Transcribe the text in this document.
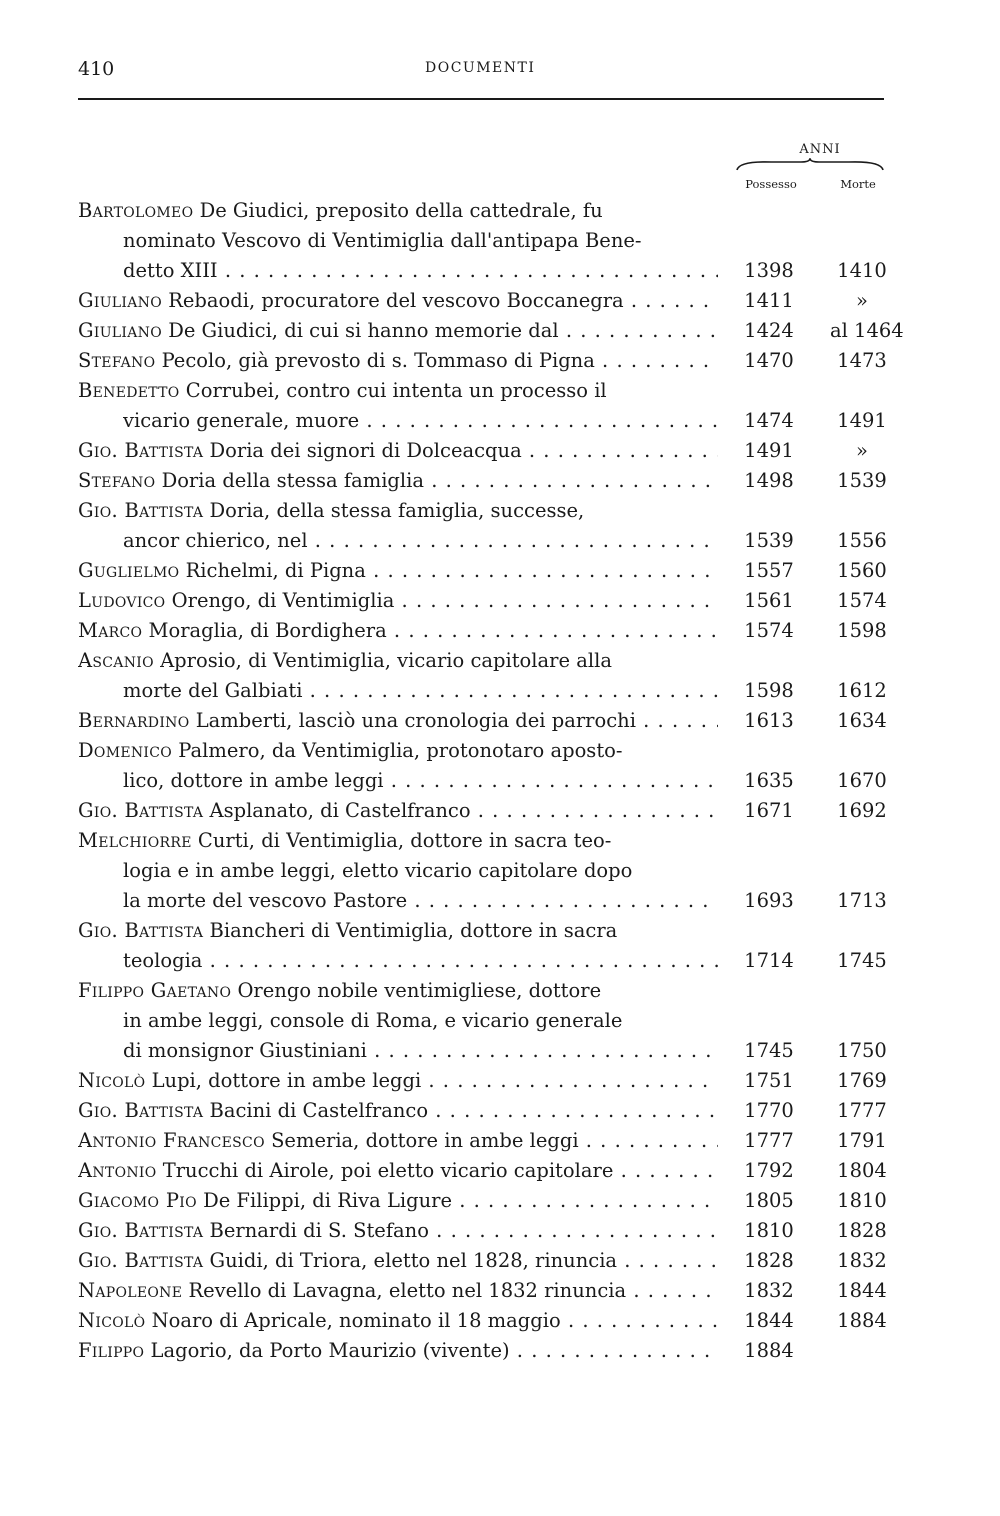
410	DOCUMENTI
ANNI
Possesso	Morte
Bartolomeo De Giudici, preposito della cattedrale, fu
nominato Vescovo di Ventimiglia dall'antipapa Bene-
detto XIII . . .	1398	1410
Giuliano Rebaodi, procuratore del vescovo Boccanegra . . .	1411	»
Giuliano De Giudici, di cui si hanno memorie dal . . .	1424	al 1464
Stefano Pecolo, già prevosto di s. Tommaso di Pigna . . .	1470	1473
Benedetto Corrubei, contro cui intenta un processo il
vicario generale, muore . . .	1474	1491
Gio. Battista Doria dei signori di Dolceacqua . . .	1491	»
Stefano Doria della stessa famiglia . . .	1498	1539
Gio. Battista Doria, della stessa famiglia, successe,
ancor chierico, nel . . .	1539	1556
Guglielmo Richelmi, di Pigna . . .	1557	1560
Ludovico Orengo, di Ventimiglia . . .	1561	1574
Marco Moraglia, di Bordighera . . .	1574	1598
Ascanio Aprosio, di Ventimiglia, vicario capitolare alla
morte del Galbiati . . .	1598	1612
Bernardino Lamberti, lasciò una cronologia dei parrochi . . .	1613	1634
Domenico Palmero, da Ventimiglia, protonotaro aposto-
lico, dottore in ambe leggi . . .	1635	1670
Gio. Battista Asplanato, di Castelfranco . . .	1671	1692
Melchiorre Curti, di Ventimiglia, dottore in sacra teo-
logia e in ambe leggi, eletto vicario capitolare dopo
la morte del vescovo Pastore . . .	1693	1713
Gio. Battista Biancheri di Ventimiglia, dottore in sacra
teologia . . .	1714	1745
Filippo Gaetano Orengo nobile ventimigliese, dottore
in ambe leggi, console di Roma, e vicario generale
di monsignor Giustiniani . . .	1745	1750
Nicolò Lupi, dottore in ambe leggi . . .	1751	1769
Gio. Battista Bacini di Castelfranco . . .	1770	1777
Antonio Francesco Semeria, dottore in ambe leggi . . .	1777	1791
Antonio Trucchi di Airole, poi eletto vicario capitolare . . .	1792	1804
Giacomo Pio De Filippi, di Riva Ligure . . .	1805	1810
Gio. Battista Bernardi di S. Stefano . . .	1810	1828
Gio. Battista Guidi, di Triora, eletto nel 1828, rinuncia . . .	1828	1832
Napoleone Revello di Lavagna, eletto nel 1832 rinuncia . . .	1832	1844
Nicolò Noaro di Apricale, nominato il 18 maggio . . .	1844	1884
Filippo Lagorio, da Porto Maurizio (vivente) . . .	1884
